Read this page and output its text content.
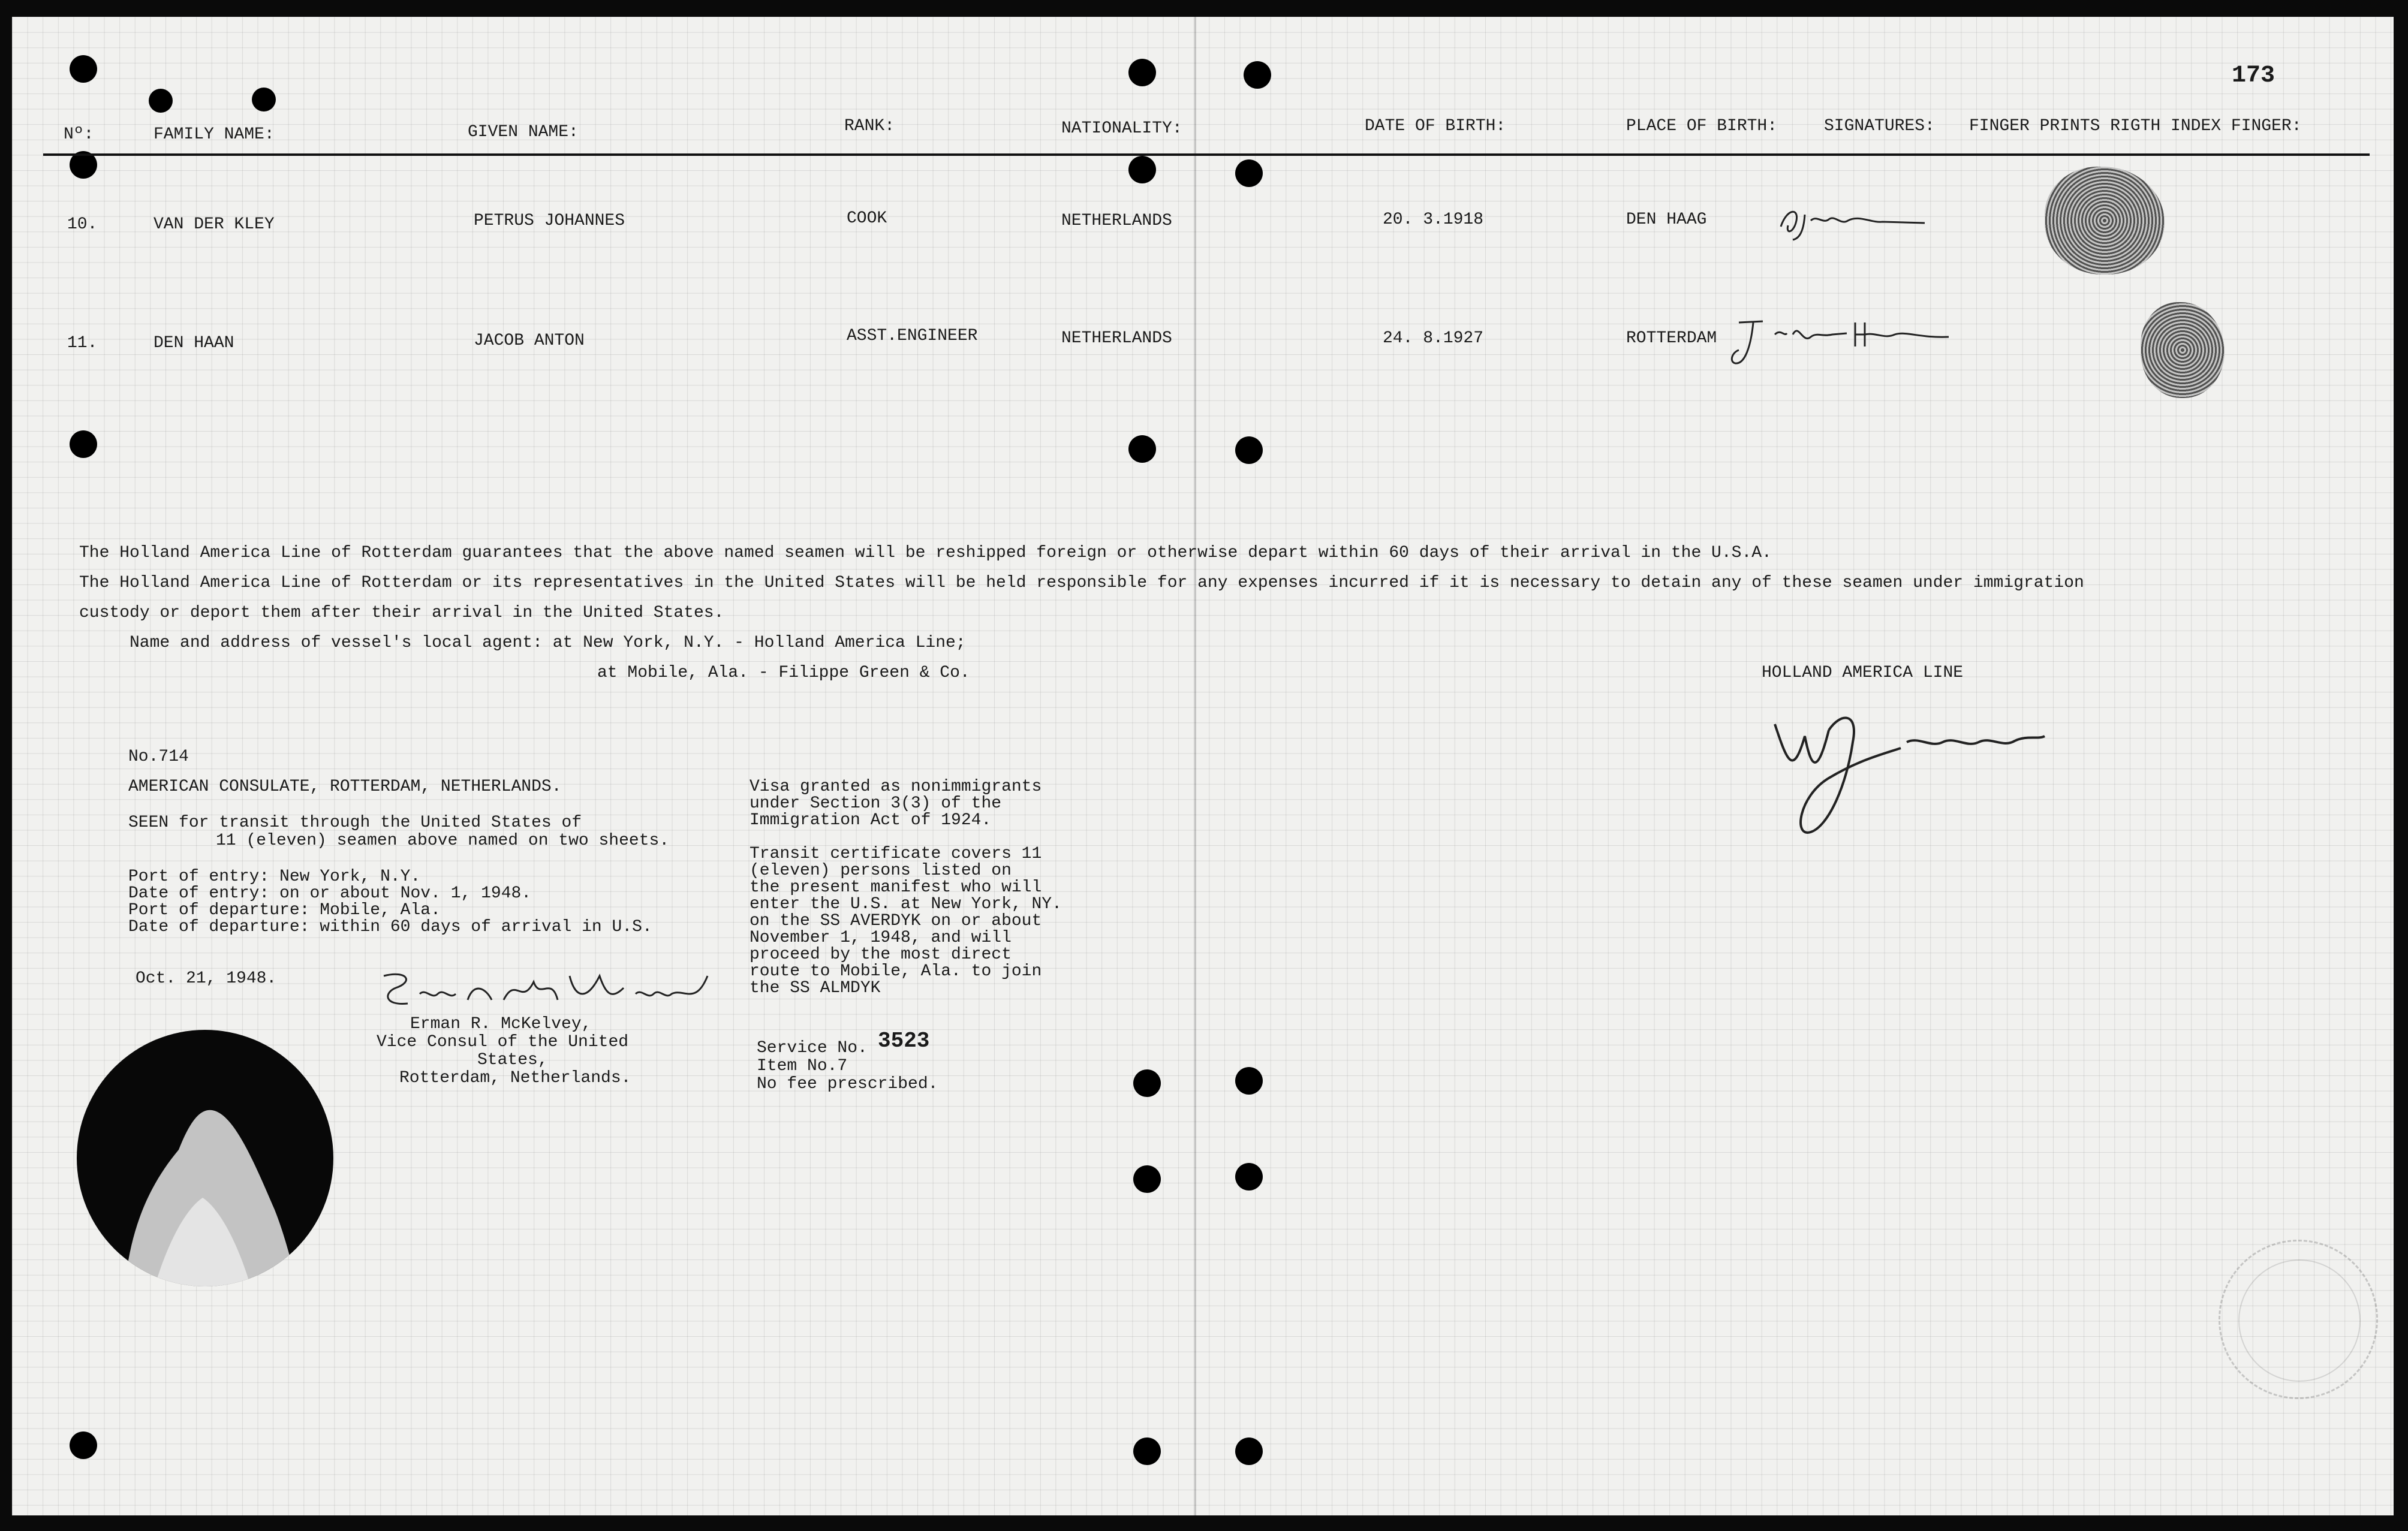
173
Nº:	FAMILY NAME:	GIVEN NAME:	RANK:	NATIONALITY:	DATE OF BIRTH:	PLACE OF BIRTH:	SIGNATURES: FINGER PRINTS RIGTH INDEX FINGER:
10.	VAN DER KLEY	PETRUS JOHANNES	COOK	NETHERLANDS	20. 3.1918	DEN HAAG
11.	DEN HAAN	JACOB ANTON	ASST.ENGINEER	NETHERLANDS	24. 8.1927	ROTTERDAM
The Holland America Line of Rotterdam guarantees that the above named seamen will be reshipped foreign or otherwise depart within 60 days of their arrival in the U.S.A.
The Holland America Line of Rotterdam or its representatives in the United States will be held responsible for any expenses incurred if it is necessary to detain any of these seamen under immigration
custody or deport them after their arrival in the United States.
Name and address of vessel's local agent: at New York, N.Y. - Holland America Line;
at Mobile, Ala. - Filippe Green & Co.	HOLLAND AMERICA LINE
No.714
AMERICAN CONSULATE, ROTTERDAM, NETHERLANDS.
SEEN for transit through the United States of
11 (eleven) seamen above named on two sheets.
Port of entry: New York, N.Y.
Date of entry: on or about Nov. 1, 1948.
Port of departure: Mobile, Ala.
Date of departure: within 60 days of arrival in U.S.
Oct. 21, 1948.
Erman R. McKelvey,
Vice Consul of the United
States,
Rotterdam, Netherlands.
Visa granted as nonimmigrants
under Section 3(3) of the
Immigration Act of 1924.
Transit certificate covers 11
(eleven) persons listed on
the present manifest who will
enter the U.S. at New York, NY.
on the SS AVERDYK on or about
November 1, 1948, and will
proceed by the most direct
route to Mobile, Ala. to join
the SS ALMDYK
Service No. 3523
Item No.7
No fee prescribed.
